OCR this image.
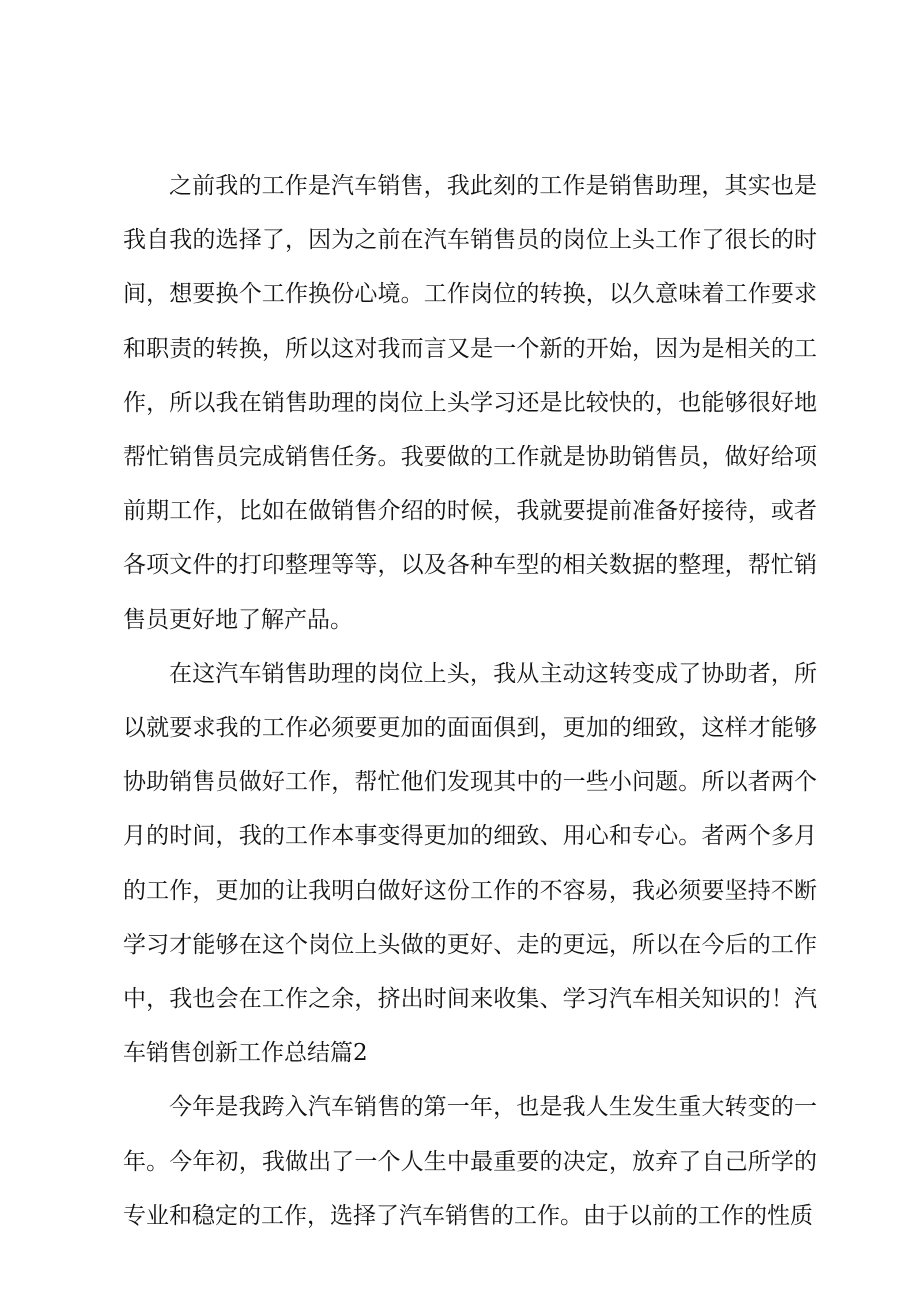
之前我的工作是汽车销售，我此刻的工作是销售助理，其实也是我自我的选择了，因为之前在汽车销售员的岗位上头工作了很长的时间，想要换个工作换份心境。工作岗位的转换，以久意味着工作要求和职责的转换，所以这对我而言又是一个新的开始，因为是相关的工作，所以我在销售助理的岗位上头学习还是比较快的，也能够很好地帮忙销售员完成销售任务。我要做的工作就是协助销售员，做好给项前期工作，比如在做销售介绍的时候，我就要提前准备好接待，或者各项文件的打印整理等等，以及各种车型的相关数据的整理，帮忙销售员更好地了解产品。

在这汽车销售助理的岗位上头，我从主动这转变成了协助者，所以就要求我的工作必须要更加的面面俱到，更加的细致，这样才能够协助销售员做好工作，帮忙他们发现其中的一些小问题。所以者两个月的时间，我的工作本事变得更加的细致、用心和专心。者两个多月的工作，更加的让我明白做好这份工作的不容易，我必须要坚持不断学习才能够在这个岗位上头做的更好、走的更远，所以在今后的工作中，我也会在工作之余，挤出时间来收集、学习汽车相关知识的！汽车销售创新工作总结篇2

今年是我跨入汽车销售的第一年，也是我人生发生重大转变的一年。今年初，我做出了一个人生中最重要的决定，放弃了自己所学的专业和稳定的工作，选择了汽车销售的工作。由于以前的工作的性质
